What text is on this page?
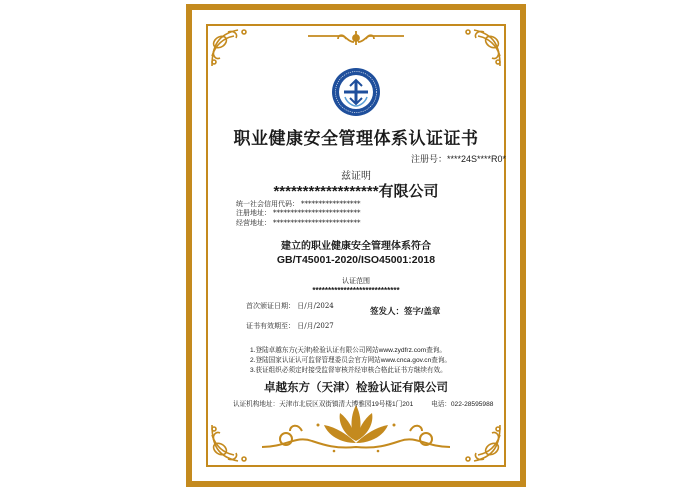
职业健康安全管理体系认证证书
注册号：****24S****R0*
兹证明
******************有限公司
统一社会信用代码： *****************
注册地址： *************************
经营地址： *************************
建立的职业健康安全管理体系符合
GB/T45001-2020/ISO45001:2018
认证范围
****************************
首次颁证日期： 日/月/2024	签发人：签字/盖章
证书有效期至： 日/月/2027
1.登陆卓越东方(天津)检验认证有限公司网站www.zydfrz.com查询。
2.登陆国家认证认可监督管理委员会官方网站www.cnca.gov.cn查询。
3.获证组织必须定时接受监督审核并经审核合格此证书方继续有效。
卓越东方（天津）检验认证有限公司
认证机构地址：天津市北辰区双街镇清大博雅园19号楼1门201	电话：022-28595988
